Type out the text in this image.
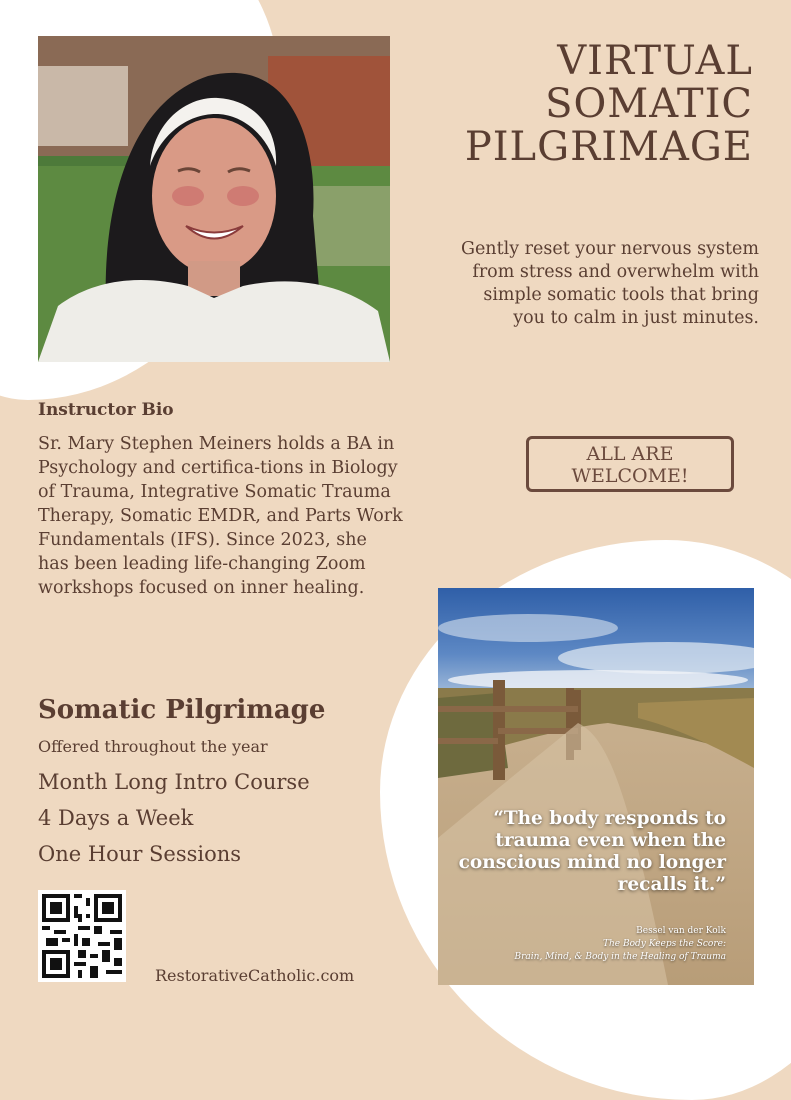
VIRTUAL
SOMATIC
PILGRIMAGE
Gently reset your nervous system from stress and overwhelm with simple somatic tools that bring you to calm in just minutes.
Instructor Bio
Sr. Mary Stephen Meiners holds a BA in Psychology and certifica-tions in Biology of Trauma, Integrative Somatic Trauma Therapy, Somatic EMDR, and Parts Work Fundamentals (IFS). Since 2023, she has been leading life-changing Zoom workshops focused on inner healing.
ALL ARE
WELCOME!
Somatic Pilgrimage
Offered throughout the year
Month Long Intro Course
4 Days a Week
One Hour Sessions
RestorativeCatholic.com
“The body responds to trauma even when the conscious mind no longer recalls it.”
Bessel van der Kolk
The Body Keeps the Score:
Brain, Mind, & Body in the Healing of Trauma
